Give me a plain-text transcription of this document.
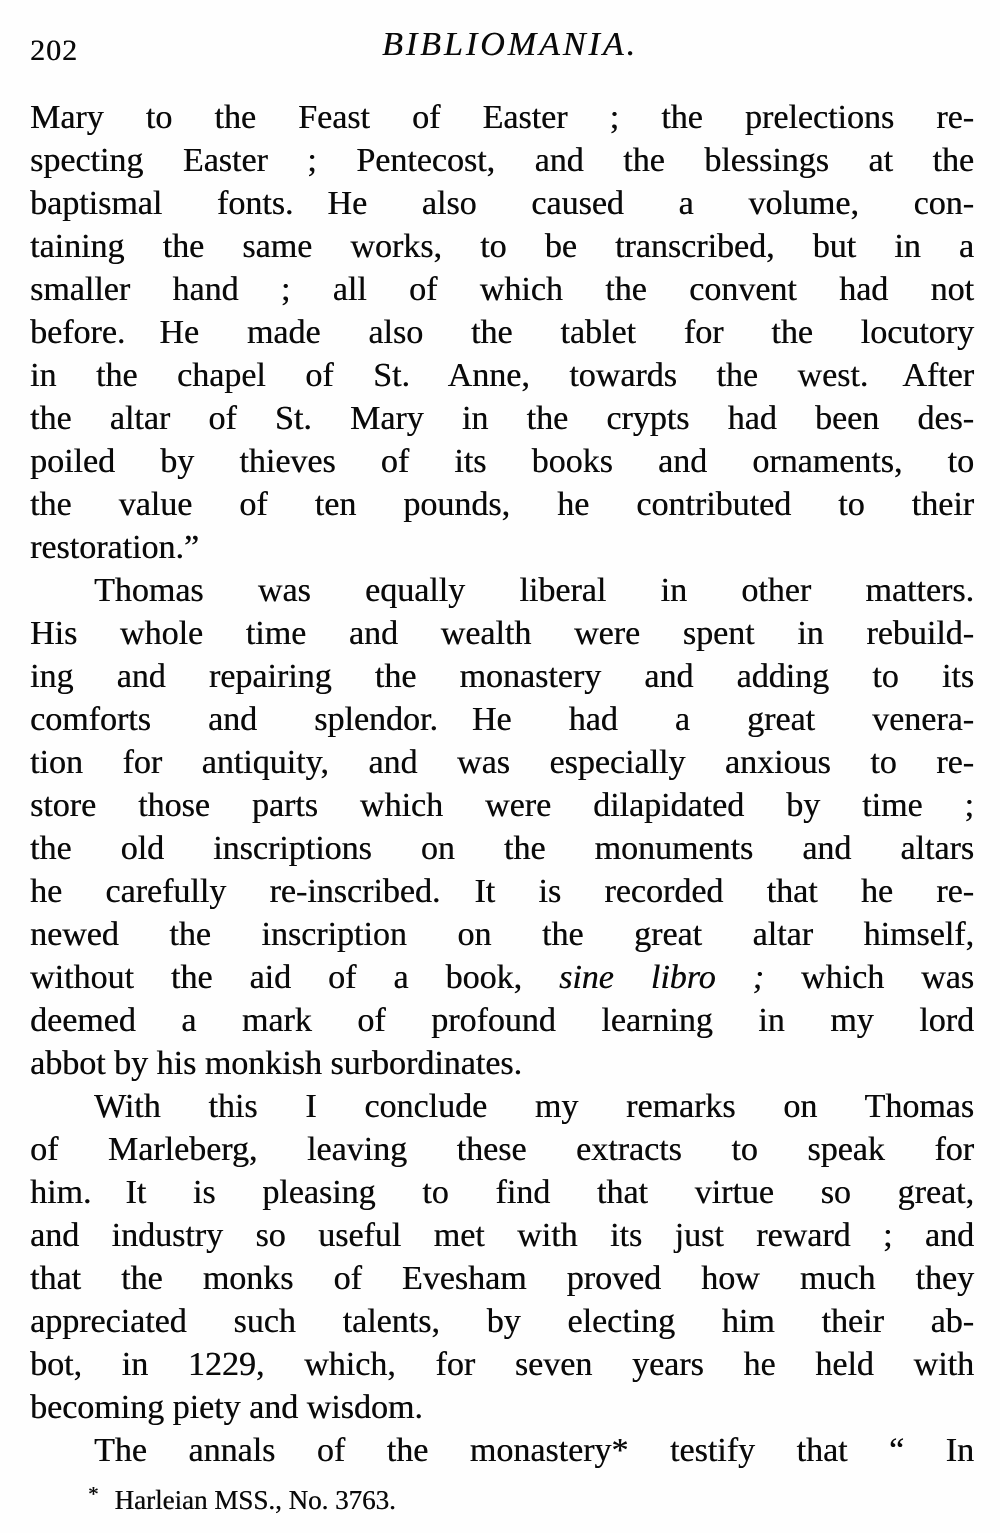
202	BIBLIOMANIA.
Mary to the Feast of Easter ; the prelections re-
specting Easter ; Pentecost, and the blessings at the
baptismal fonts. He also caused a volume, con-
taining the same works, to be transcribed, but in a
smaller hand ; all of which the convent had not
before. He made also the tablet for the locutory
in the chapel of St. Anne, towards the west. After
the altar of St. Mary in the crypts had been des-
poiled by thieves of its books and ornaments, to
the value of ten pounds, he contributed to their
restoration.”
Thomas was equally liberal in other matters.
His whole time and wealth were spent in rebuild-
ing and repairing the monastery and adding to its
comforts and splendor. He had a great venera-
tion for antiquity, and was especially anxious to re-
store those parts which were dilapidated by time ;
the old inscriptions on the monuments and altars
he carefully re-inscribed. It is recorded that he re-
newed the inscription on the great altar himself,
without the aid of a book, sine libro ; which was
deemed a mark of profound learning in my lord
abbot by his monkish surbordinates.
With this I conclude my remarks on Thomas
of Marleberg, leaving these extracts to speak for
him. It is pleasing to find that virtue so great,
and industry so useful met with its just reward ; and
that the monks of Evesham proved how much they
appreciated such talents, by electing him their ab-
bot, in 1229, which, for seven years he held with
becoming piety and wisdom.
The annals of the monastery* testify that “ In
* Harleian MSS., No. 3763.
